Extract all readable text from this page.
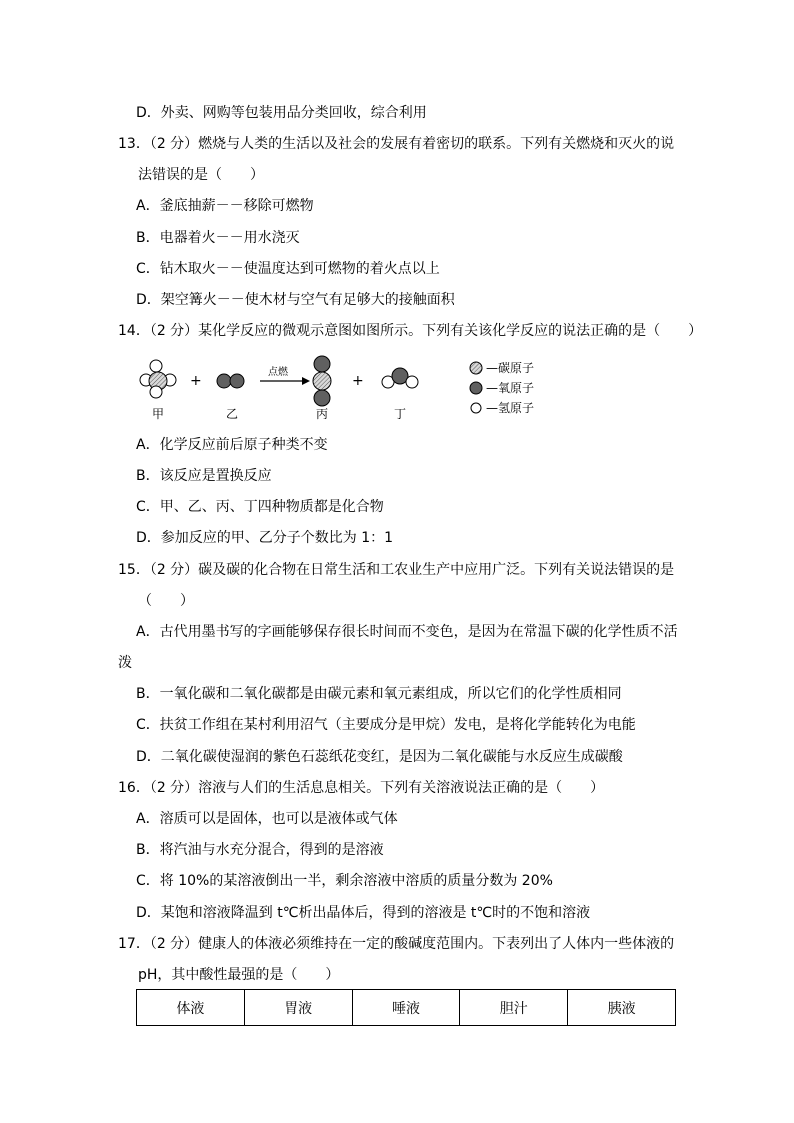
D．外卖、网购等包装用品分类回收，综合利用
13．（2 分）燃烧与人类的生活以及社会的发展有着密切的联系。下列有关燃烧和灭火的说
法错误的是（　　）
A．釜底抽薪－－移除可燃物
B．电器着火－－用水浇灭
C．钻木取火－－使温度达到可燃物的着火点以上
D．架空篝火－－使木材与空气有足够大的接触面积
14．（2 分）某化学反应的微观示意图如图所示。下列有关该化学反应的说法正确的是（　　）
甲
+
乙
点燃
丙
+
丁
—碳原子
—氧原子
—氢原子
A．化学反应前后原子种类不变
B．该反应是置换反应
C．甲、乙、丙、丁四种物质都是化合物
D．参加反应的甲、乙分子个数比为 1：1
15．（2 分）碳及碳的化合物在日常生活和工农业生产中应用广泛。下列有关说法错误的是
（　　）
A．古代用墨书写的字画能够保存很长时间而不变色，是因为在常温下碳的化学性质不活
泼
B．一氧化碳和二氧化碳都是由碳元素和氧元素组成，所以它们的化学性质相同
C．扶贫工作组在某村利用沼气（主要成分是甲烷）发电，是将化学能转化为电能
D．二氧化碳使湿润的紫色石蕊纸花变红，是因为二氧化碳能与水反应生成碳酸
16．（2 分）溶液与人们的生活息息相关。下列有关溶液说法正确的是（　　）
A．溶质可以是固体，也可以是液体或气体
B．将汽油与水充分混合，得到的是溶液
C．将 10%的某溶液倒出一半，剩余溶液中溶质的质量分数为 20%
D．某饱和溶液降温到 t℃析出晶体后，得到的溶液是 t℃时的不饱和溶液
17．（2 分）健康人的体液必须维持在一定的酸碱度范围内。下表列出了人体内一些体液的
pH，其中酸性最强的是（　　）
体液	胃液	唾液	胆汁	胰液
